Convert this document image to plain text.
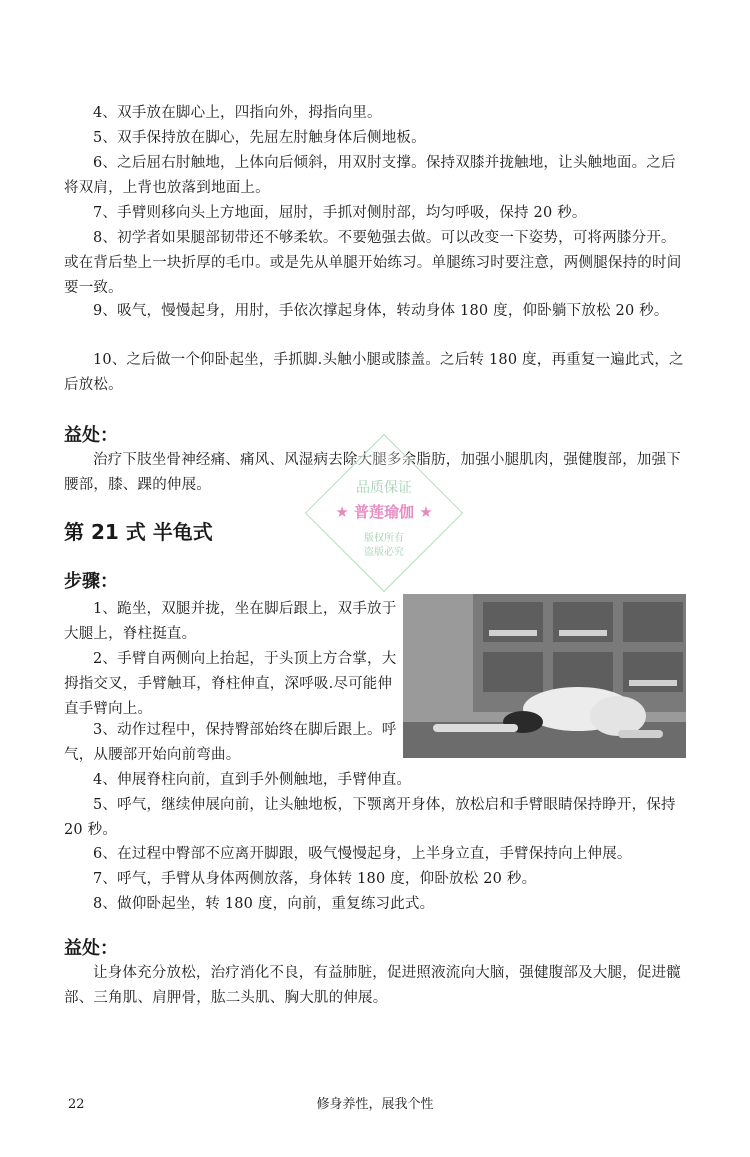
4、双手放在脚心上，四指向外，拇指向里。

5、双手保持放在脚心，先屈左肘触身体后侧地板。

6、之后屈右肘触地，上体向后倾斜，用双肘支撑。保持双膝并拢触地，让头触地面。之后将双肩，上背也放落到地面上。

7、手臂则移向头上方地面，屈肘，手抓对侧肘部，均匀呼吸，保持 20 秒。

8、初学者如果腿部韧带还不够柔软。不要勉强去做。可以改变一下姿势，可将两膝分开。或在背后垫上一块折厚的毛巾。或是先从单腿开始练习。单腿练习时要注意，两侧腿保持的时间要一致。

9、吸气，慢慢起身，用肘，手依次撑起身体，转动身体 180 度，仰卧躺下放松 20 秒。

10、之后做一个仰卧起坐，手抓脚.头触小腿或膝盖。之后转 180 度，再重复一遍此式，之后放松。

益处：

治疗下肢坐骨神经痛、痛风、风湿病去除大腿多余脂肪，加强小腿肌肉，强健腹部，加强下腰部，膝、踝的伸展。

第 21 式 半龟式
步骤：

1、跪坐，双腿并拢，坐在脚后跟上，双手放于大腿上，脊柱挺直。

2、手臂自两侧向上抬起，于头顶上方合掌，大拇指交叉，手臂触耳，脊柱伸直，深呼吸.尽可能伸直手臂向上。

3、动作过程中，保持臀部始终在脚后跟上。呼气，从腰部开始向前弯曲。

4、伸展脊柱向前，直到手外侧触地，手臂伸直。

5、呼气，继续伸展向前，让头触地板，下颚离开身体，放松启和手臂眼睛保持睁开，保持 20 秒。

6、在过程中臀部不应离开脚跟，吸气慢慢起身，上半身立直，手臂保持向上伸展。

7、呼气，手臂从身体两侧放落，身体转 180 度，仰卧放松 20 秒。

8、做仰卧起坐，转 180 度，向前，重复练习此式。

益处：

让身体充分放松，治疗消化不良，有益肺脏，促进照液流向大脑，强健腹部及大腿，促进髋部、三角肌、肩胛骨，肱二头肌、胸大肌的伸展。

品质保证
★ 普莲瑜伽 ★
版权所有
盗版必究
22	修身养性，展我个性
